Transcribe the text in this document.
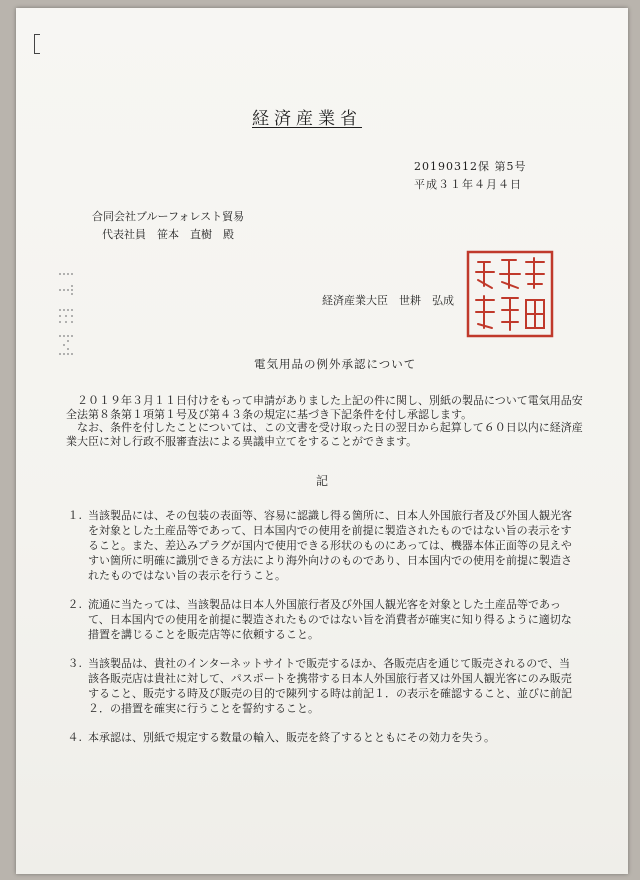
経済産業省
20190312保 第5号
平成３１年４月４日
合同会社ブルーフォレスト貿易
代表社員　笹本　直樹　殿
経済産業大臣　世耕　弘成
電気用品の例外承認について

２０１９年３月１１日付けをもって申請がありました上記の件に関し、別紙の製品について電気用品安全法第８条第１項第１号及び第４３条の規定に基づき下記条件を付し承認します。

なお、条件を付したことについては、この文書を受け取った日の翌日から起算して６０日以内に経済産業大臣に対し行政不服審査法による異議申立てをすることができます。

記
１. 当該製品には、その包装の表面等、容易に認識し得る箇所に、日本人外国旅行者及び外国人観光客を対象とした土産品等であって、日本国内での使用を前提に製造されたものではない旨の表示をすること。また、差込みプラグが国内で使用できる形状のものにあっては、機器本体正面等の見えやすい箇所に明確に識別できる方法により海外向けのものであり、日本国内での使用を前提に製造されたものではない旨の表示を行うこと。
２. 流通に当たっては、当該製品は日本人外国旅行者及び外国人観光客を対象とした土産品等であって、日本国内での使用を前提に製造されたものではない旨を消費者が確実に知り得るように適切な措置を講じることを販売店等に依頼すること。
３. 当該製品は、貴社のインターネットサイトで販売するほか、各販売店を通じて販売されるので、当該各販売店は貴社に対して、パスポートを携帯する日本人外国旅行者又は外国人観光客にのみ販売すること、販売する時及び販売の目的で陳列する時は前記１．の表示を確認すること、並びに前記２．の措置を確実に行うことを誓約すること。
４. 本承認は、別紙で規定する数量の輸入、販売を終了するとともにその効力を失う。
